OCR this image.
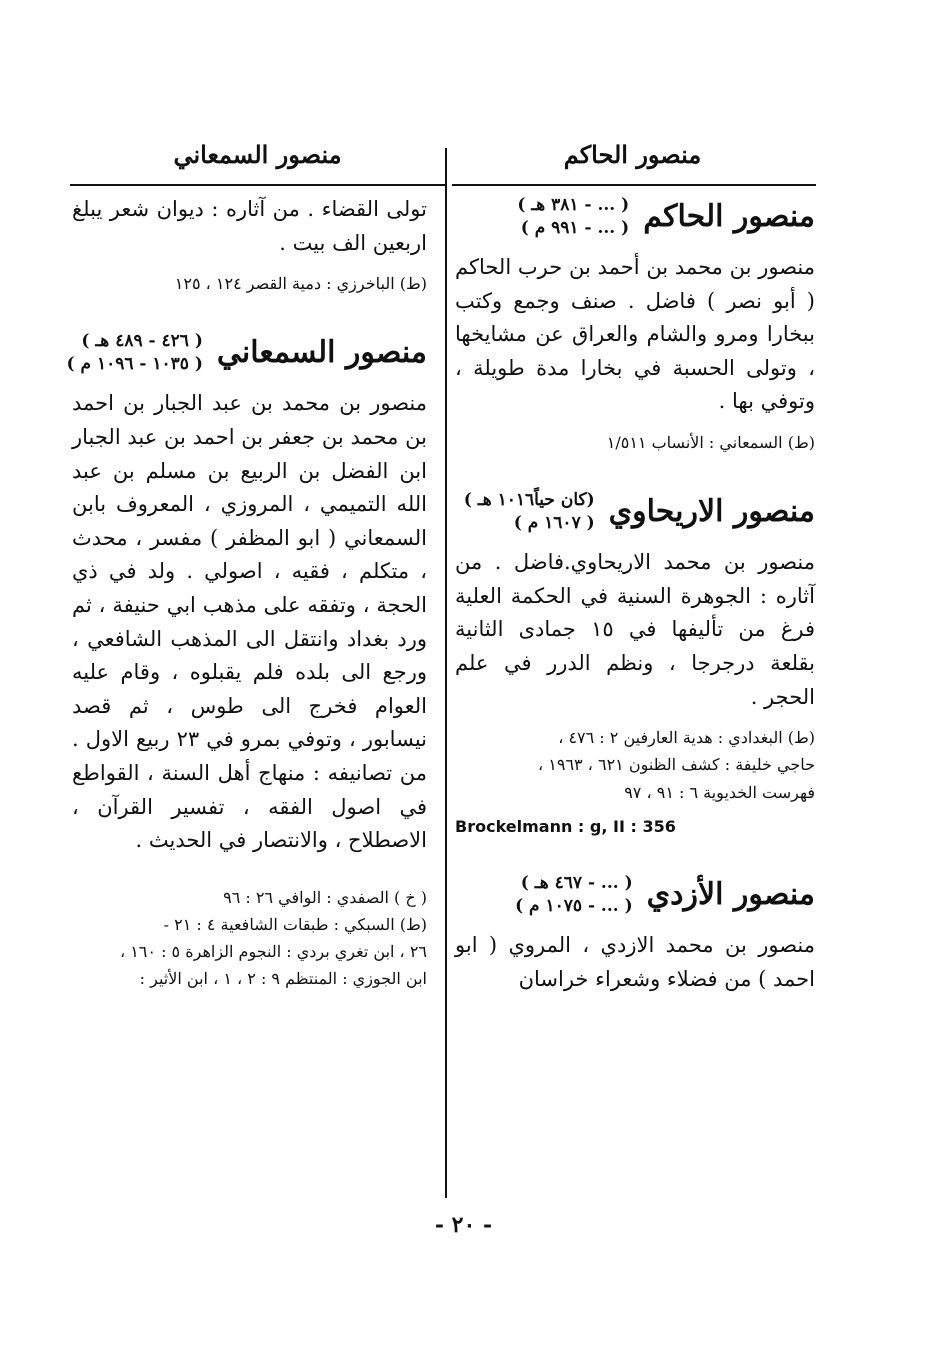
منصور الحاكم
منصور السمعاني
منصور الحاكم
( ... - ٣٨١ هـ )
( ... - ٩٩١ م )

منصور بن محمد بن أحمد بن حرب الحاكم ( أبو نصر ) فاضل . صنف وجمع وكتب ببخارا ومرو والشام والعراق عن مشايخها ، وتولى الحسبة في بخارا مدة طويلة ، وتوفي بها .

(ط) السمعاني : الأنساب ١/٥١١

منصور الاريحاوي
(كان حياً١٠١٦ هـ )
( ١٦٠٧ م )

منصور بن محمد الاريحاوي.فاضل . من آثاره : الجوهرة السنية في الحكمة العلية فرغ من تأليفها في ١٥ جمادى الثانية بقلعة درجرجا ، ونظم الدرر في علم الحجر .

(ط) البغدادي : هدية العارفين ٢ : ٤٧٦ ،

حاجي خليفة : كشف الظنون ٦٢١ ، ١٩٦٣ ،

فهرست الخديوية ٦ : ٩١ ، ٩٧

Brockelmann : g, II : 356

منصور الأزدي
( ... - ٤٦٧ هـ )
( ... - ١٠٧٥ م )

منصور بن محمد الازدي ، المروي ( ابو احمد ) من فضلاء وشعراء خراسان

تولى القضاء . من آثاره : ديوان شعر يبلغ اربعين الف بيت .

(ط) الباخرزي : دمية القصر ١٢٤ ، ١٢٥

منصور السمعاني
( ٤٢٦ - ٤٨٩ هـ )
( ١٠٣٥ - ١٠٩٦ م )

منصور بن محمد بن عبد الجبار بن احمد بن محمد بن جعفر بن احمد بن عبد الجبار ابن الفضل بن الربيع بن مسلم بن عبد الله التميمي ، المروزي ، المعروف بابن السمعاني ( ابو المظفر ) مفسر ، محدث ، متكلم ، فقيه ، اصولي . ولد في ذي الحجة ، وتفقه على مذهب ابي حنيفة ، ثم ورد بغداد وانتقل الى المذهب الشافعي ، ورجع الى بلده فلم يقبلوه ، وقام عليه العوام فخرج الى طوس ، ثم قصد نيسابور ، وتوفي بمرو في ٢٣ ربيع الاول . من تصانيفه : منهاج أهل السنة ، القواطع في اصول الفقه ، تفسير القرآن ، الاصطلاح ، والانتصار في الحديث .

( خ ) الصفدي : الوافي ٢٦ : ٩٦

(ط) السبكي : طبقات الشافعية ٤ : ٢١ -

٢٦ ، ابن تغري بردي : النجوم الزاهرة ٥ : ١٦٠ ،

ابن الجوزي : المنتظم ٩ : ٢ ، ١ ، ابن الأثير :

- ٢٠ -
